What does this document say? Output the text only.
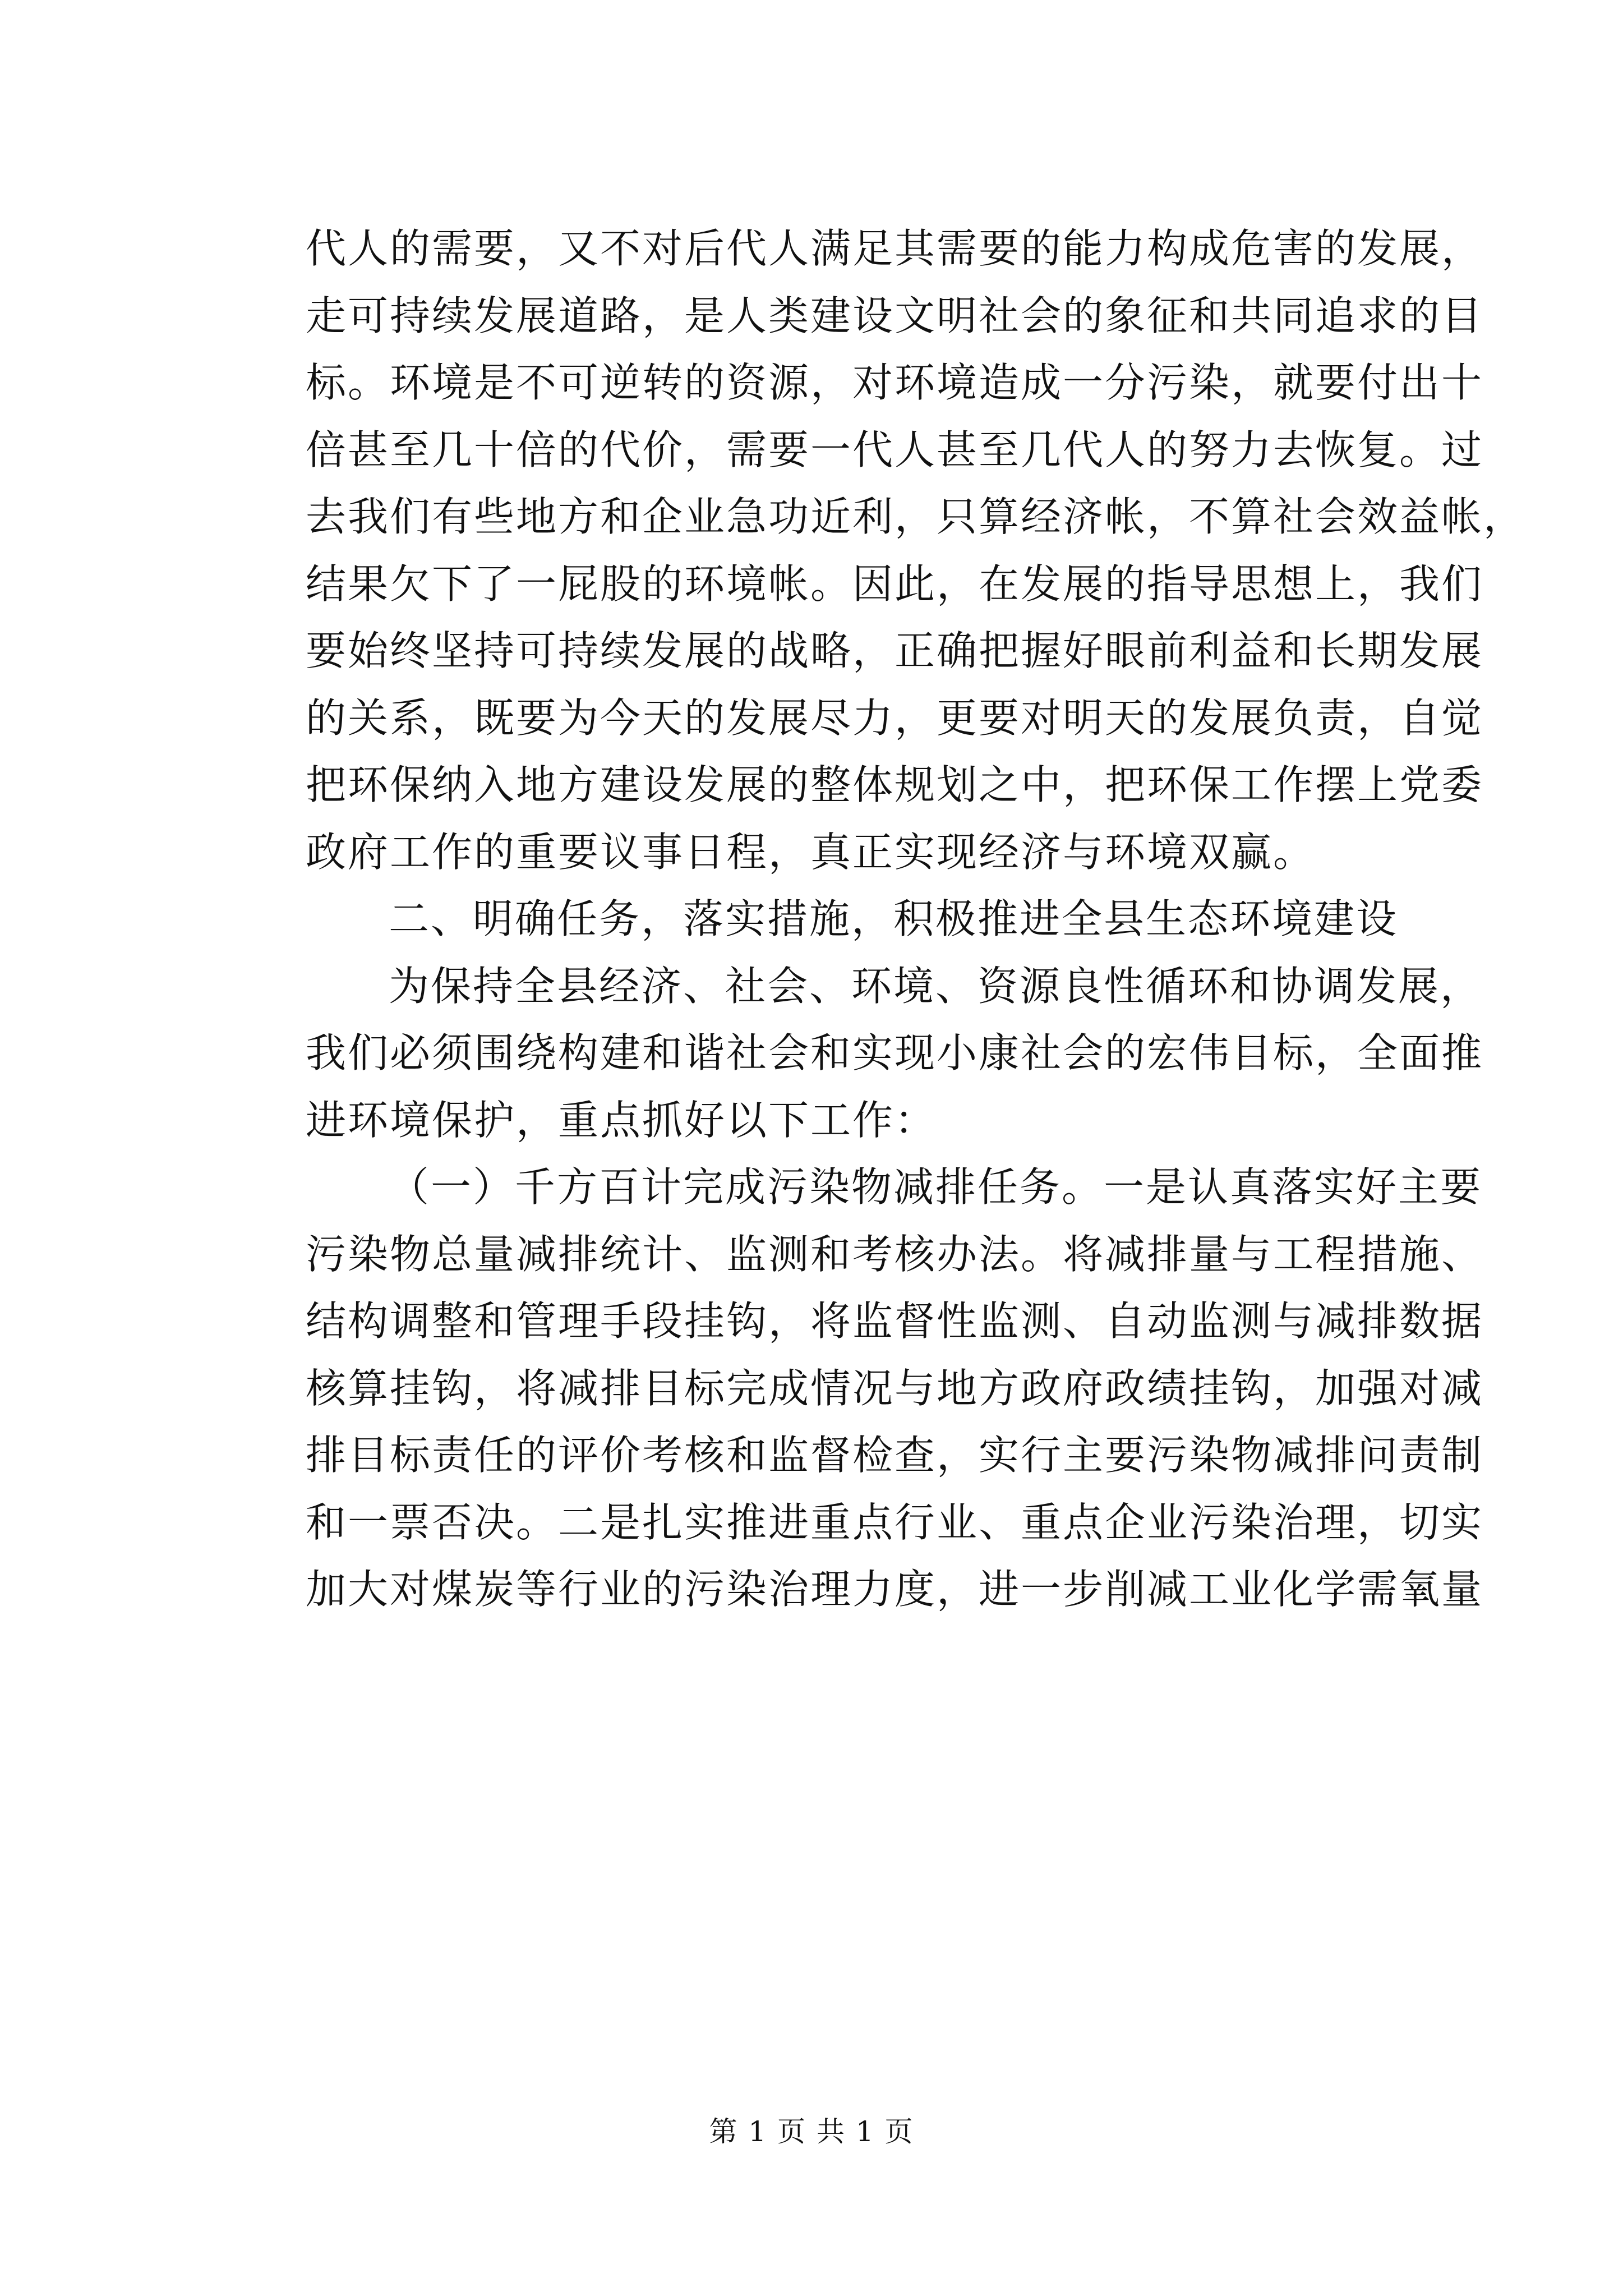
代人的需要，又不对后代人满足其需要的能力构成危害的发展，
走可持续发展道路，是人类建设文明社会的象征和共同追求的目
标。环境是不可逆转的资源，对环境造成一分污染，就要付出十
倍甚至几十倍的代价，需要一代人甚至几代人的努力去恢复。过
去我们有些地方和企业急功近利，只算经济帐，不算社会效益帐，
结果欠下了一屁股的环境帐。因此，在发展的指导思想上，我们
要始终坚持可持续发展的战略，正确把握好眼前利益和长期发展
的关系，既要为今天的发展尽力，更要对明天的发展负责，自觉
把环保纳入地方建设发展的整体规划之中，把环保工作摆上党委
政府工作的重要议事日程，真正实现经济与环境双赢。
二、明确任务，落实措施，积极推进全县生态环境建设
为保持全县经济、社会、环境、资源良性循环和协调发展，
我们必须围绕构建和谐社会和实现小康社会的宏伟目标，全面推
进环境保护，重点抓好以下工作：
（一）千方百计完成污染物减排任务。一是认真落实好主要
污染物总量减排统计、监测和考核办法。将减排量与工程措施、
结构调整和管理手段挂钩，将监督性监测、自动监测与减排数据
核算挂钩，将减排目标完成情况与地方政府政绩挂钩，加强对减
排目标责任的评价考核和监督检查，实行主要污染物减排问责制
和一票否决。二是扎实推进重点行业、重点企业污染治理，切实
加大对煤炭等行业的污染治理力度，进一步削减工业化学需氧量
第 1 页 共 1 页
